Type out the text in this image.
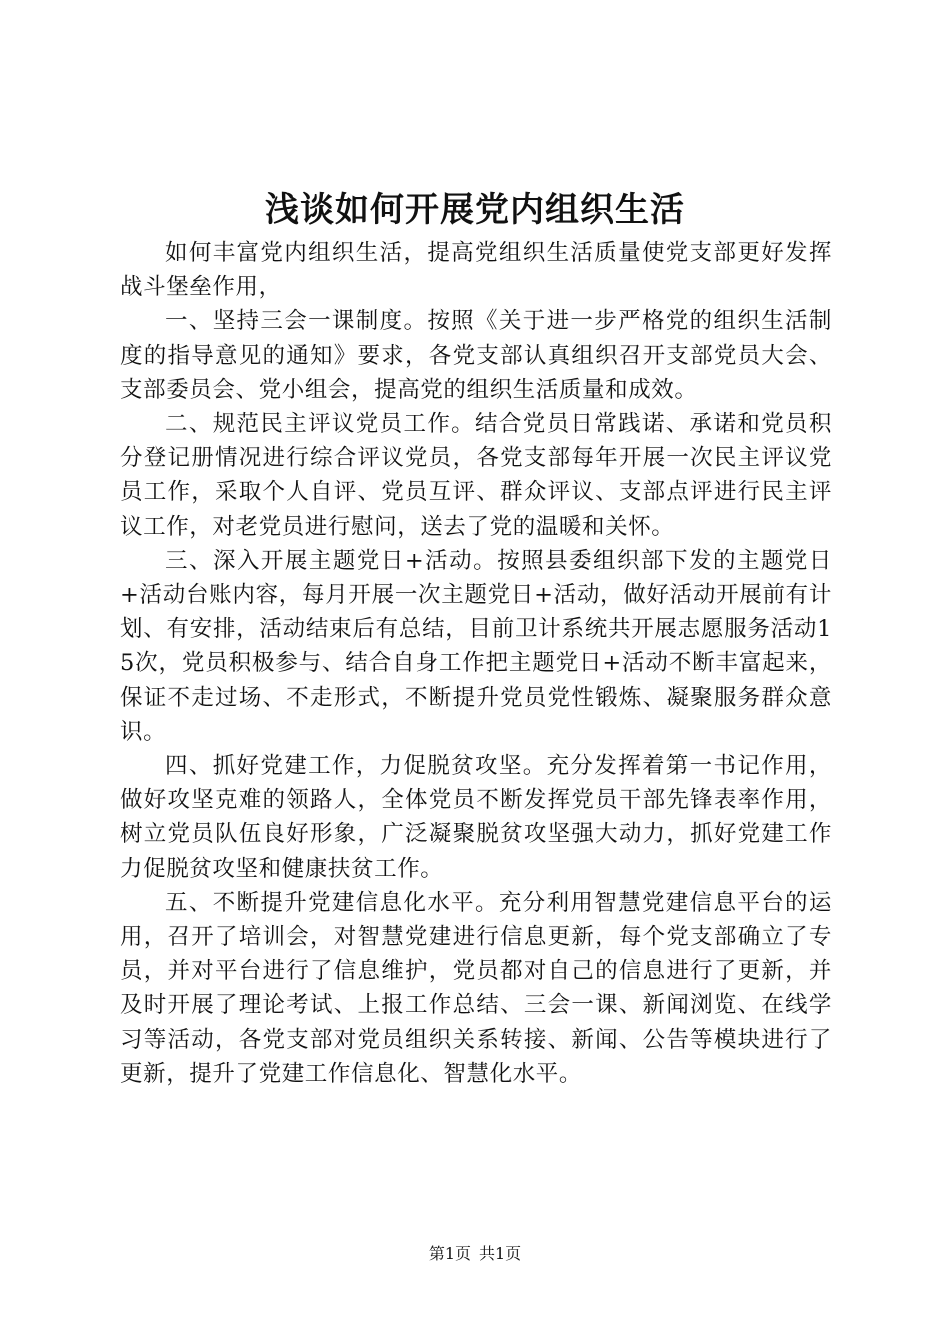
浅谈如何开展党内组织生活

如何丰富党内组织生活，提高党组织生活质量使党支部更好发挥战斗堡垒作用，

一、坚持三会一课制度。按照《关于进一步严格党的组织生活制度的指导意见的通知》要求，各党支部认真组织召开支部党员大会、支部委员会、党小组会，提高党的组织生活质量和成效。

二、规范民主评议党员工作。结合党员日常践诺、承诺和党员积分登记册情况进行综合评议党员，各党支部每年开展一次民主评议党员工作，采取个人自评、党员互评、群众评议、支部点评进行民主评议工作，对老党员进行慰问，送去了党的温暖和关怀。

三、深入开展主题党日+活动。按照县委组织部下发的主题党日+活动台账内容，每月开展一次主题党日+活动，做好活动开展前有计划、有安排，活动结束后有总结，目前卫计系统共开展志愿服务活动15次，党员积极参与、结合自身工作把主题党日+活动不断丰富起来，保证不走过场、不走形式，不断提升党员党性锻炼、凝聚服务群众意识。

四、抓好党建工作，力促脱贫攻坚。充分发挥着第一书记作用，做好攻坚克难的领路人，全体党员不断发挥党员干部先锋表率作用，树立党员队伍良好形象，广泛凝聚脱贫攻坚强大动力，抓好党建工作力促脱贫攻坚和健康扶贫工作。

五、不断提升党建信息化水平。充分利用智慧党建信息平台的运用，召开了培训会，对智慧党建进行信息更新，每个党支部确立了专员，并对平台进行了信息维护，党员都对自己的信息进行了更新，并及时开展了理论考试、上报工作总结、三会一课、新闻浏览、在线学习等活动，各党支部对党员组织关系转接、新闻、公告等模块进行了更新，提升了党建工作信息化、智慧化水平。

第1页 共1页
